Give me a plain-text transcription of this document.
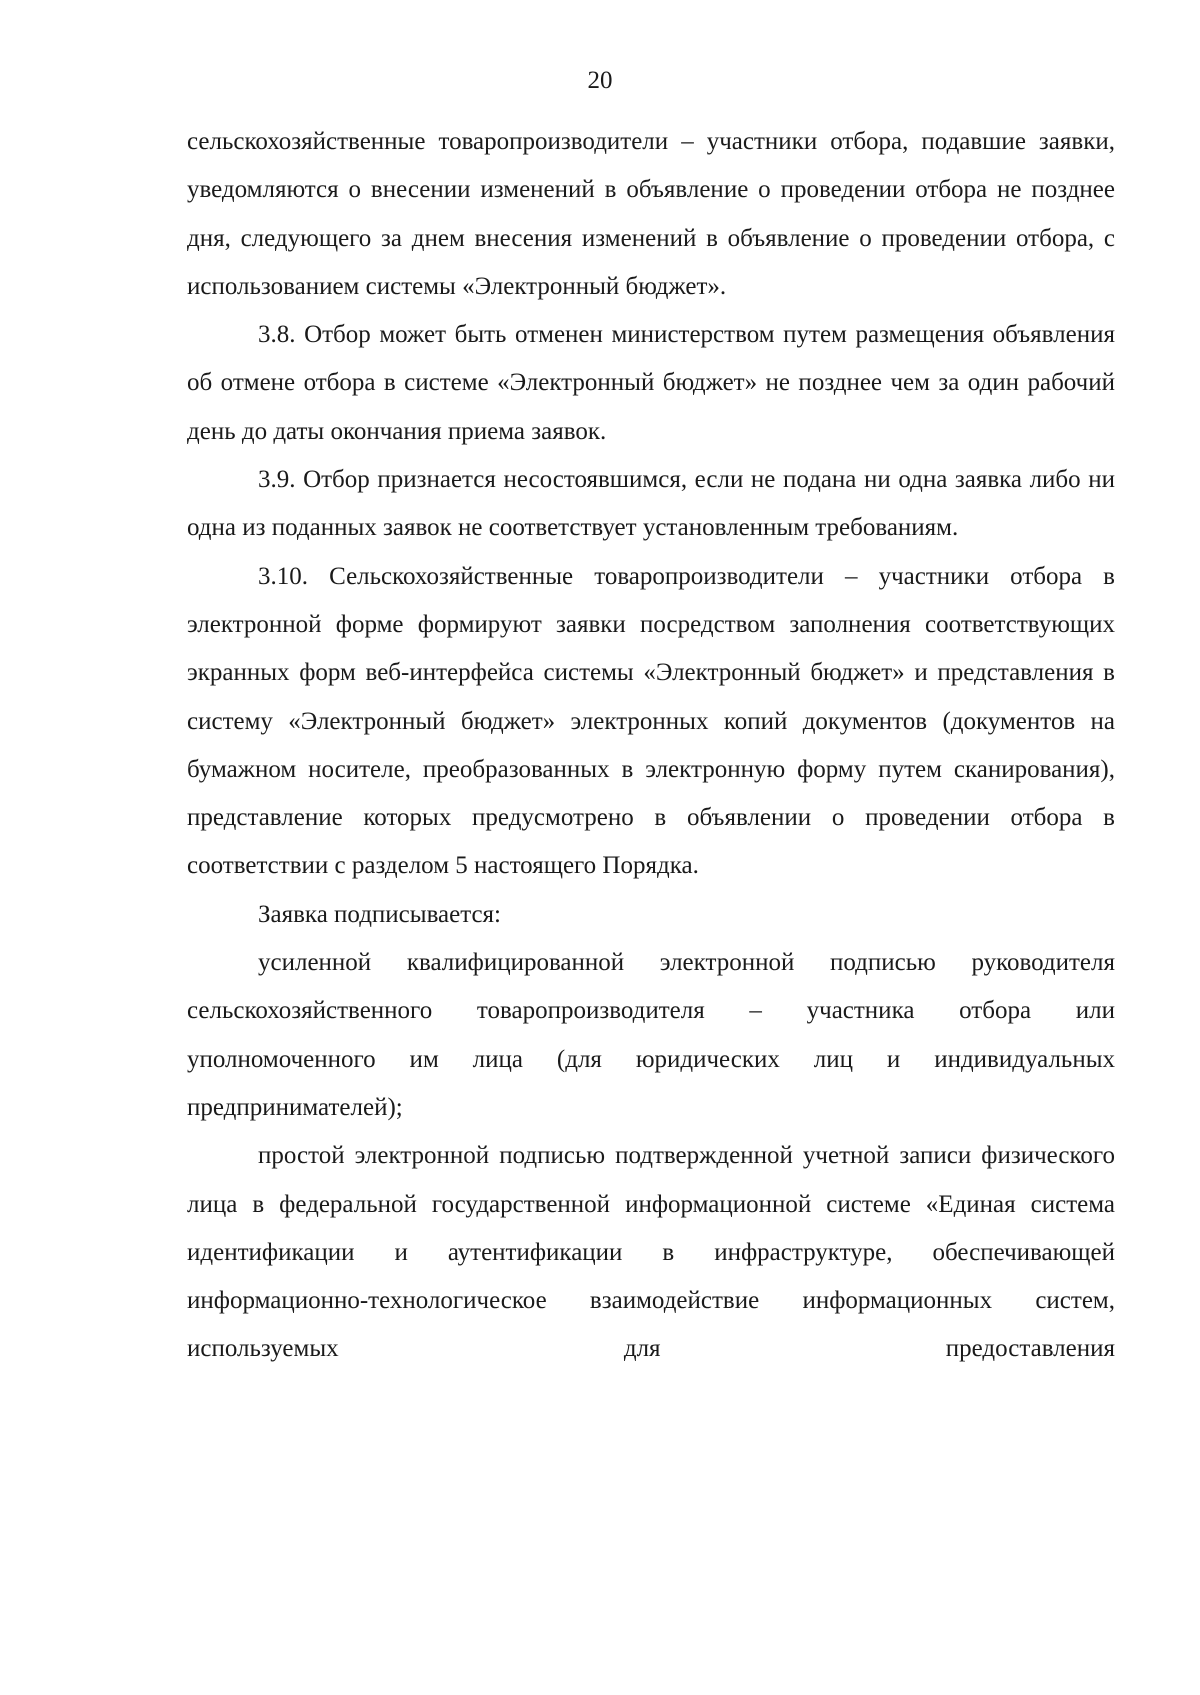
20

сельскохозяйственные товаропроизводители – участники отбора, подавшие заявки, уведомляются о внесении изменений в объявление о проведении отбора не позднее дня, следующего за днем внесения изменений в объявление о проведении отбора, с использованием системы «Электронный бюджет».

3.8. Отбор может быть отменен министерством путем размещения объявления об отмене отбора в системе «Электронный бюджет» не позднее чем за один рабочий день до даты окончания приема заявок.

3.9. Отбор признается несостоявшимся, если не подана ни одна заявка либо ни одна из поданных заявок не соответствует установленным требованиям.

3.10. Сельскохозяйственные товаропроизводители – участники отбора в электронной форме формируют заявки посредством заполнения соответствующих экранных форм веб-интерфейса системы «Электронный бюджет» и представления в систему «Электронный бюджет» электронных копий документов (документов на бумажном носителе, преобразованных в электронную форму путем сканирования), представление которых предусмотрено в объявлении о проведении отбора в соответствии с разделом 5 настоящего Порядка.

Заявка подписывается:

усиленной квалифицированной электронной подписью руководителя сельскохозяйственного товаропроизводителя – участника отбора или уполномоченного им лица (для юридических лиц и индивидуальных предпринимателей);

простой электронной подписью подтвержденной учетной записи физического лица в федеральной государственной информационной системе «Единая система идентификации и аутентификации в инфраструктуре, обеспечивающей информационно-технологическое взаимодействие информационных систем, используемых для предоставления
